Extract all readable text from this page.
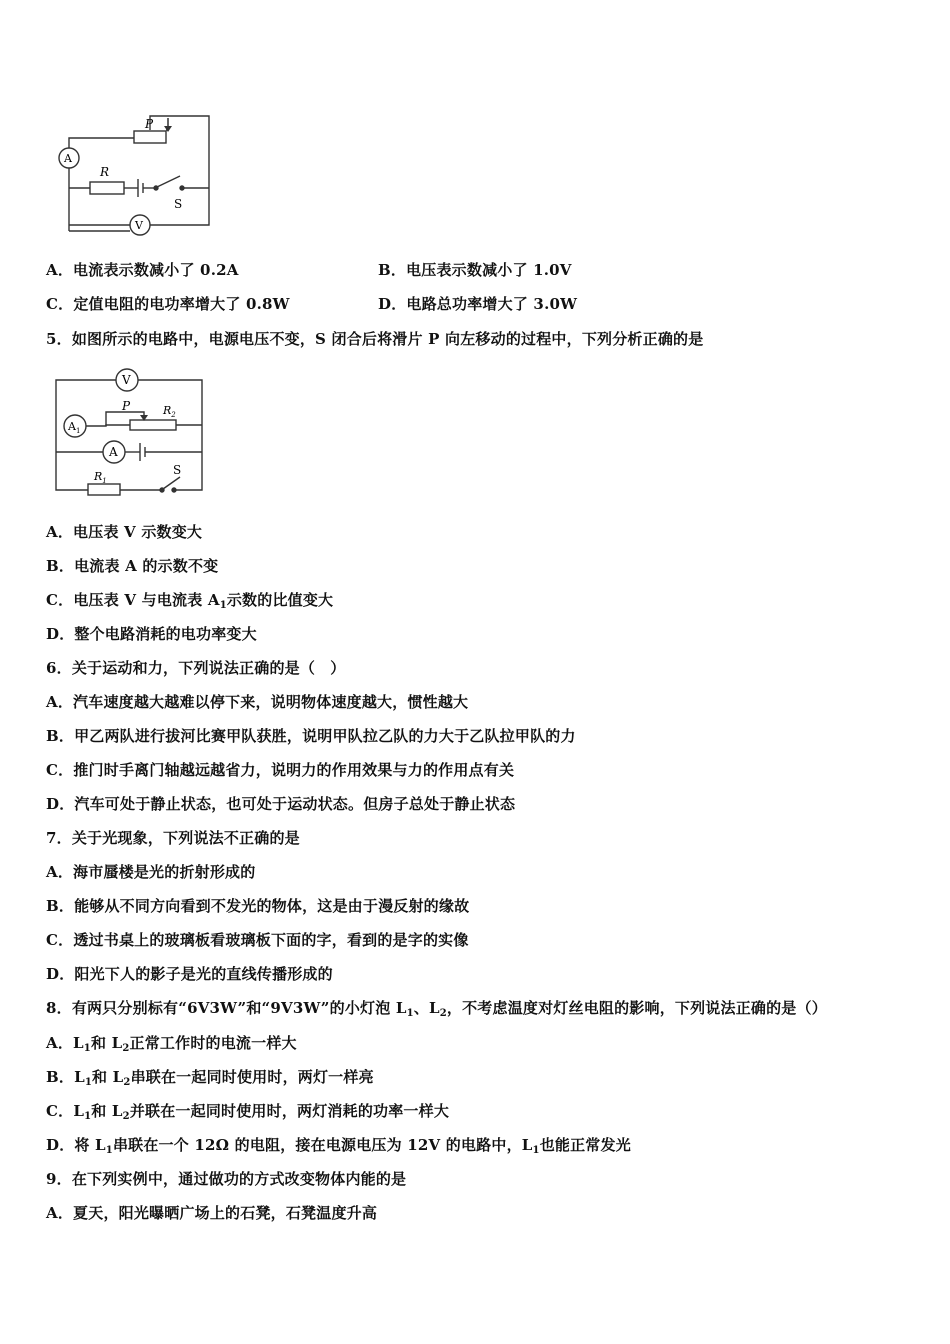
P
A
R
S
V
A．电流表示数减小了 0.2A	B．电压表示数减小了 1.0V
C．定值电阻的电功率增大了 0.8W	D．电路总功率增大了 3.0W
5．如图所示的电路中，电源电压不变，S 闭合后将滑片 P 向左移动的过程中，下列分析正确的是
V
$A_1$
P	$R_2$
A
$R_1$
S
A．电压表 V 示数变大
B．电流表 A 的示数不变
C．电压表 V 与电流表 $A_1$示数的比值变大
D．整个电路消耗的电功率变大
6．关于运动和力，下列说法正确的是（　）
A．汽车速度越大越难以停下来，说明物体速度越大，惯性越大
B．甲乙两队进行拔河比赛甲队获胜，说明甲队拉乙队的力大于乙队拉甲队的力
C．推门时手离门轴越远越省力，说明力的作用效果与力的作用点有关
D．汽车可处于静止状态，也可处于运动状态。但房子总处于静止状态
7．关于光现象，下列说法不正确的是
A．海市蜃楼是光的折射形成的
B．能够从不同方向看到不发光的物体，这是由于漫反射的缘故
C．透过书桌上的玻璃板看玻璃板下面的字，看到的是字的实像
D．阳光下人的影子是光的直线传播形成的
8．有两只分别标有“6V3W”和“9V3W”的小灯泡 $L_1$、$L_2$，不考虑温度对灯丝电阻的影响，下列说法正确的是（）
A．$L_1$和 $L_2$正常工作时的电流一样大
B．$L_1$和 $L_2$串联在一起同时使用时，两灯一样亮
C．$L_1$和 $L_2$并联在一起同时使用时，两灯消耗的功率一样大
D．将 $L_1$串联在一个 12Ω 的电阻，接在电源电压为 12V 的电路中，$L_1$也能正常发光
9．在下列实例中，通过做功的方式改变物体内能的是
A．夏天，阳光曝晒广场上的石凳，石凳温度升高
